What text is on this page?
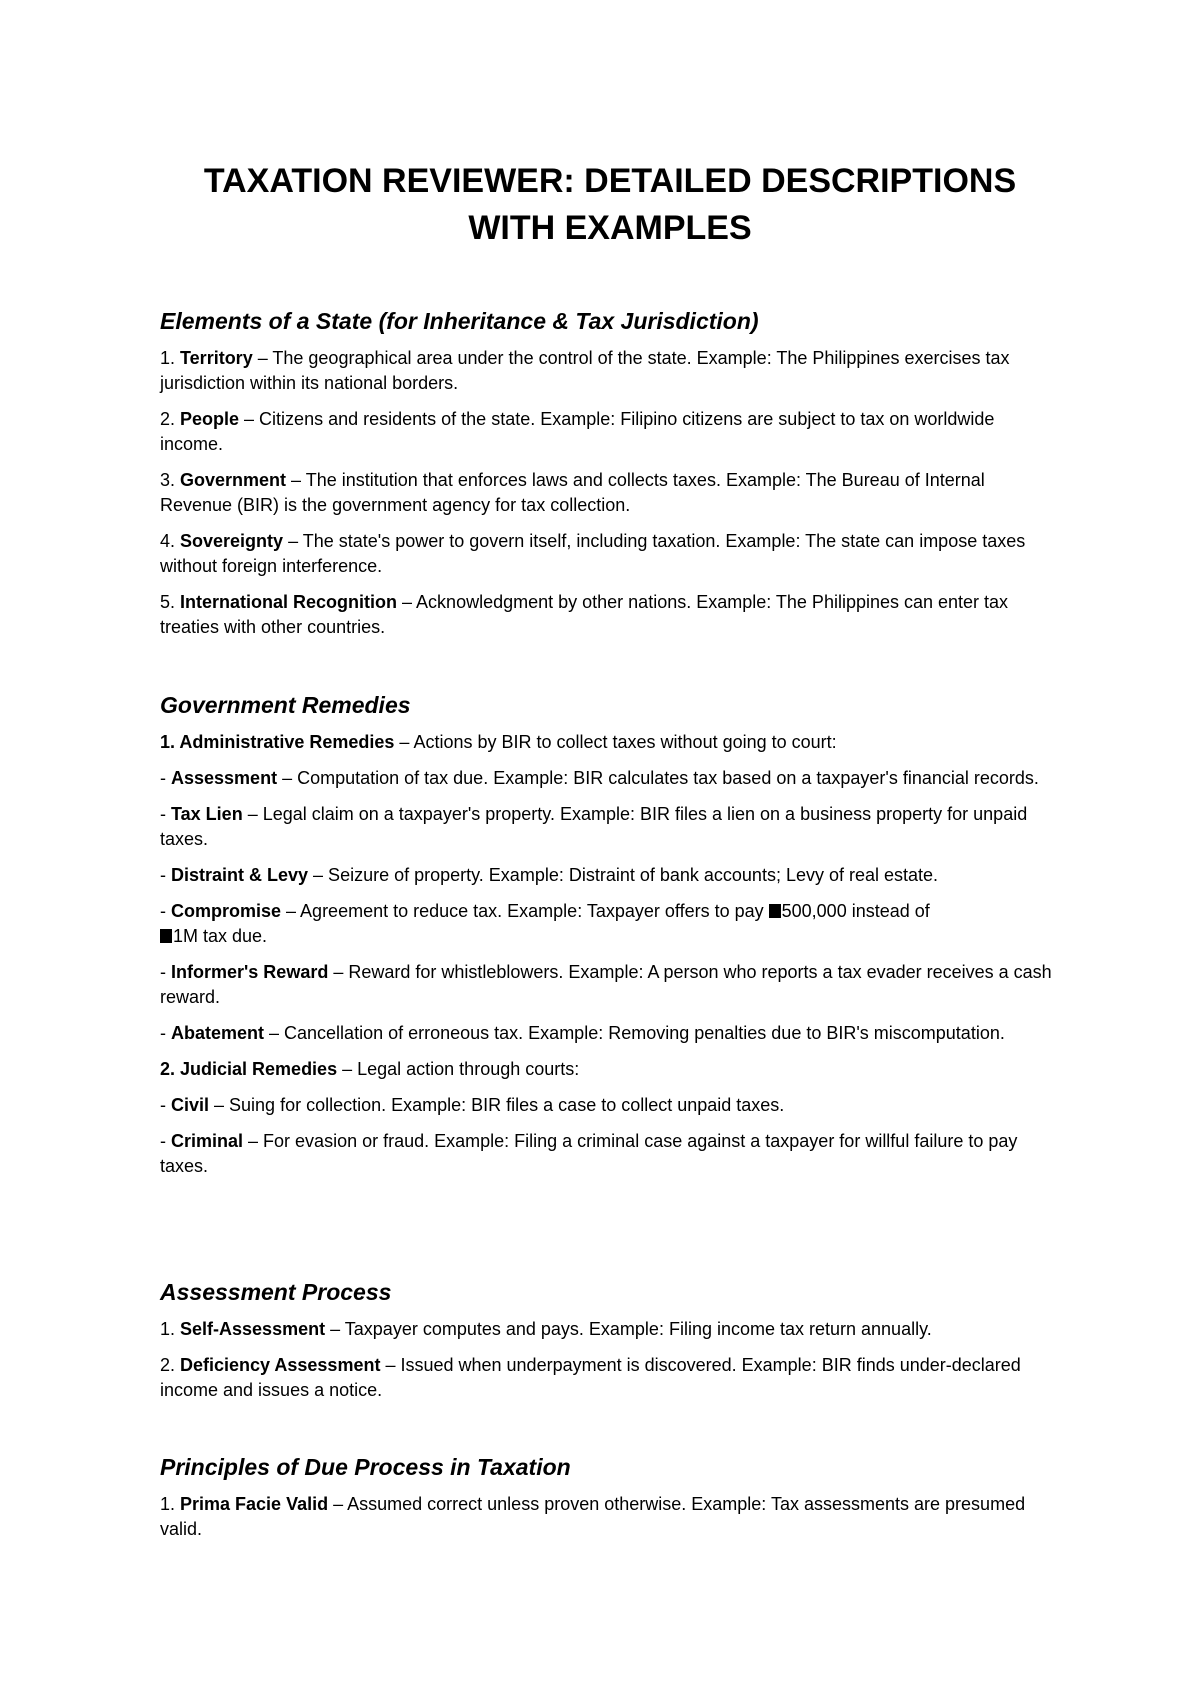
TAXATION REVIEWER: DETAILED DESCRIPTIONS
WITH EXAMPLES
Elements of a State (for Inheritance & Tax Jurisdiction)

1. Territory – The geographical area under the control of the state. Example: The Philippines exercises tax jurisdiction within its national borders.

2. People – Citizens and residents of the state. Example: Filipino citizens are subject to tax on worldwide income.

3. Government – The institution that enforces laws and collects taxes. Example: The Bureau of Internal Revenue (BIR) is the government agency for tax collection.

4. Sovereignty – The state's power to govern itself, including taxation. Example: The state can impose taxes without foreign interference.

5. International Recognition – Acknowledgment by other nations. Example: The Philippines can enter tax treaties with other countries.

Government Remedies

1. Administrative Remedies – Actions by BIR to collect taxes without going to court:

- Assessment – Computation of tax due. Example: BIR calculates tax based on a taxpayer's financial records.

- Tax Lien – Legal claim on a taxpayer's property. Example: BIR files a lien on a business property for unpaid taxes.

- Distraint & Levy – Seizure of property. Example: Distraint of bank accounts; Levy of real estate.

- Compromise – Agreement to reduce tax. Example: Taxpayer offers to pay 500,000 instead of
1M tax due.

- Informer's Reward – Reward for whistleblowers. Example: A person who reports a tax evader receives a cash reward.

- Abatement – Cancellation of erroneous tax. Example: Removing penalties due to BIR's miscomputation.

2. Judicial Remedies – Legal action through courts:

- Civil – Suing for collection. Example: BIR files a case to collect unpaid taxes.

- Criminal – For evasion or fraud. Example: Filing a criminal case against a taxpayer for willful failure to pay taxes.

Assessment Process

1. Self-Assessment – Taxpayer computes and pays. Example: Filing income tax return annually.

2. Deficiency Assessment – Issued when underpayment is discovered. Example: BIR finds under-declared income and issues a notice.

Principles of Due Process in Taxation

1. Prima Facie Valid – Assumed correct unless proven otherwise. Example: Tax assessments are presumed valid.
